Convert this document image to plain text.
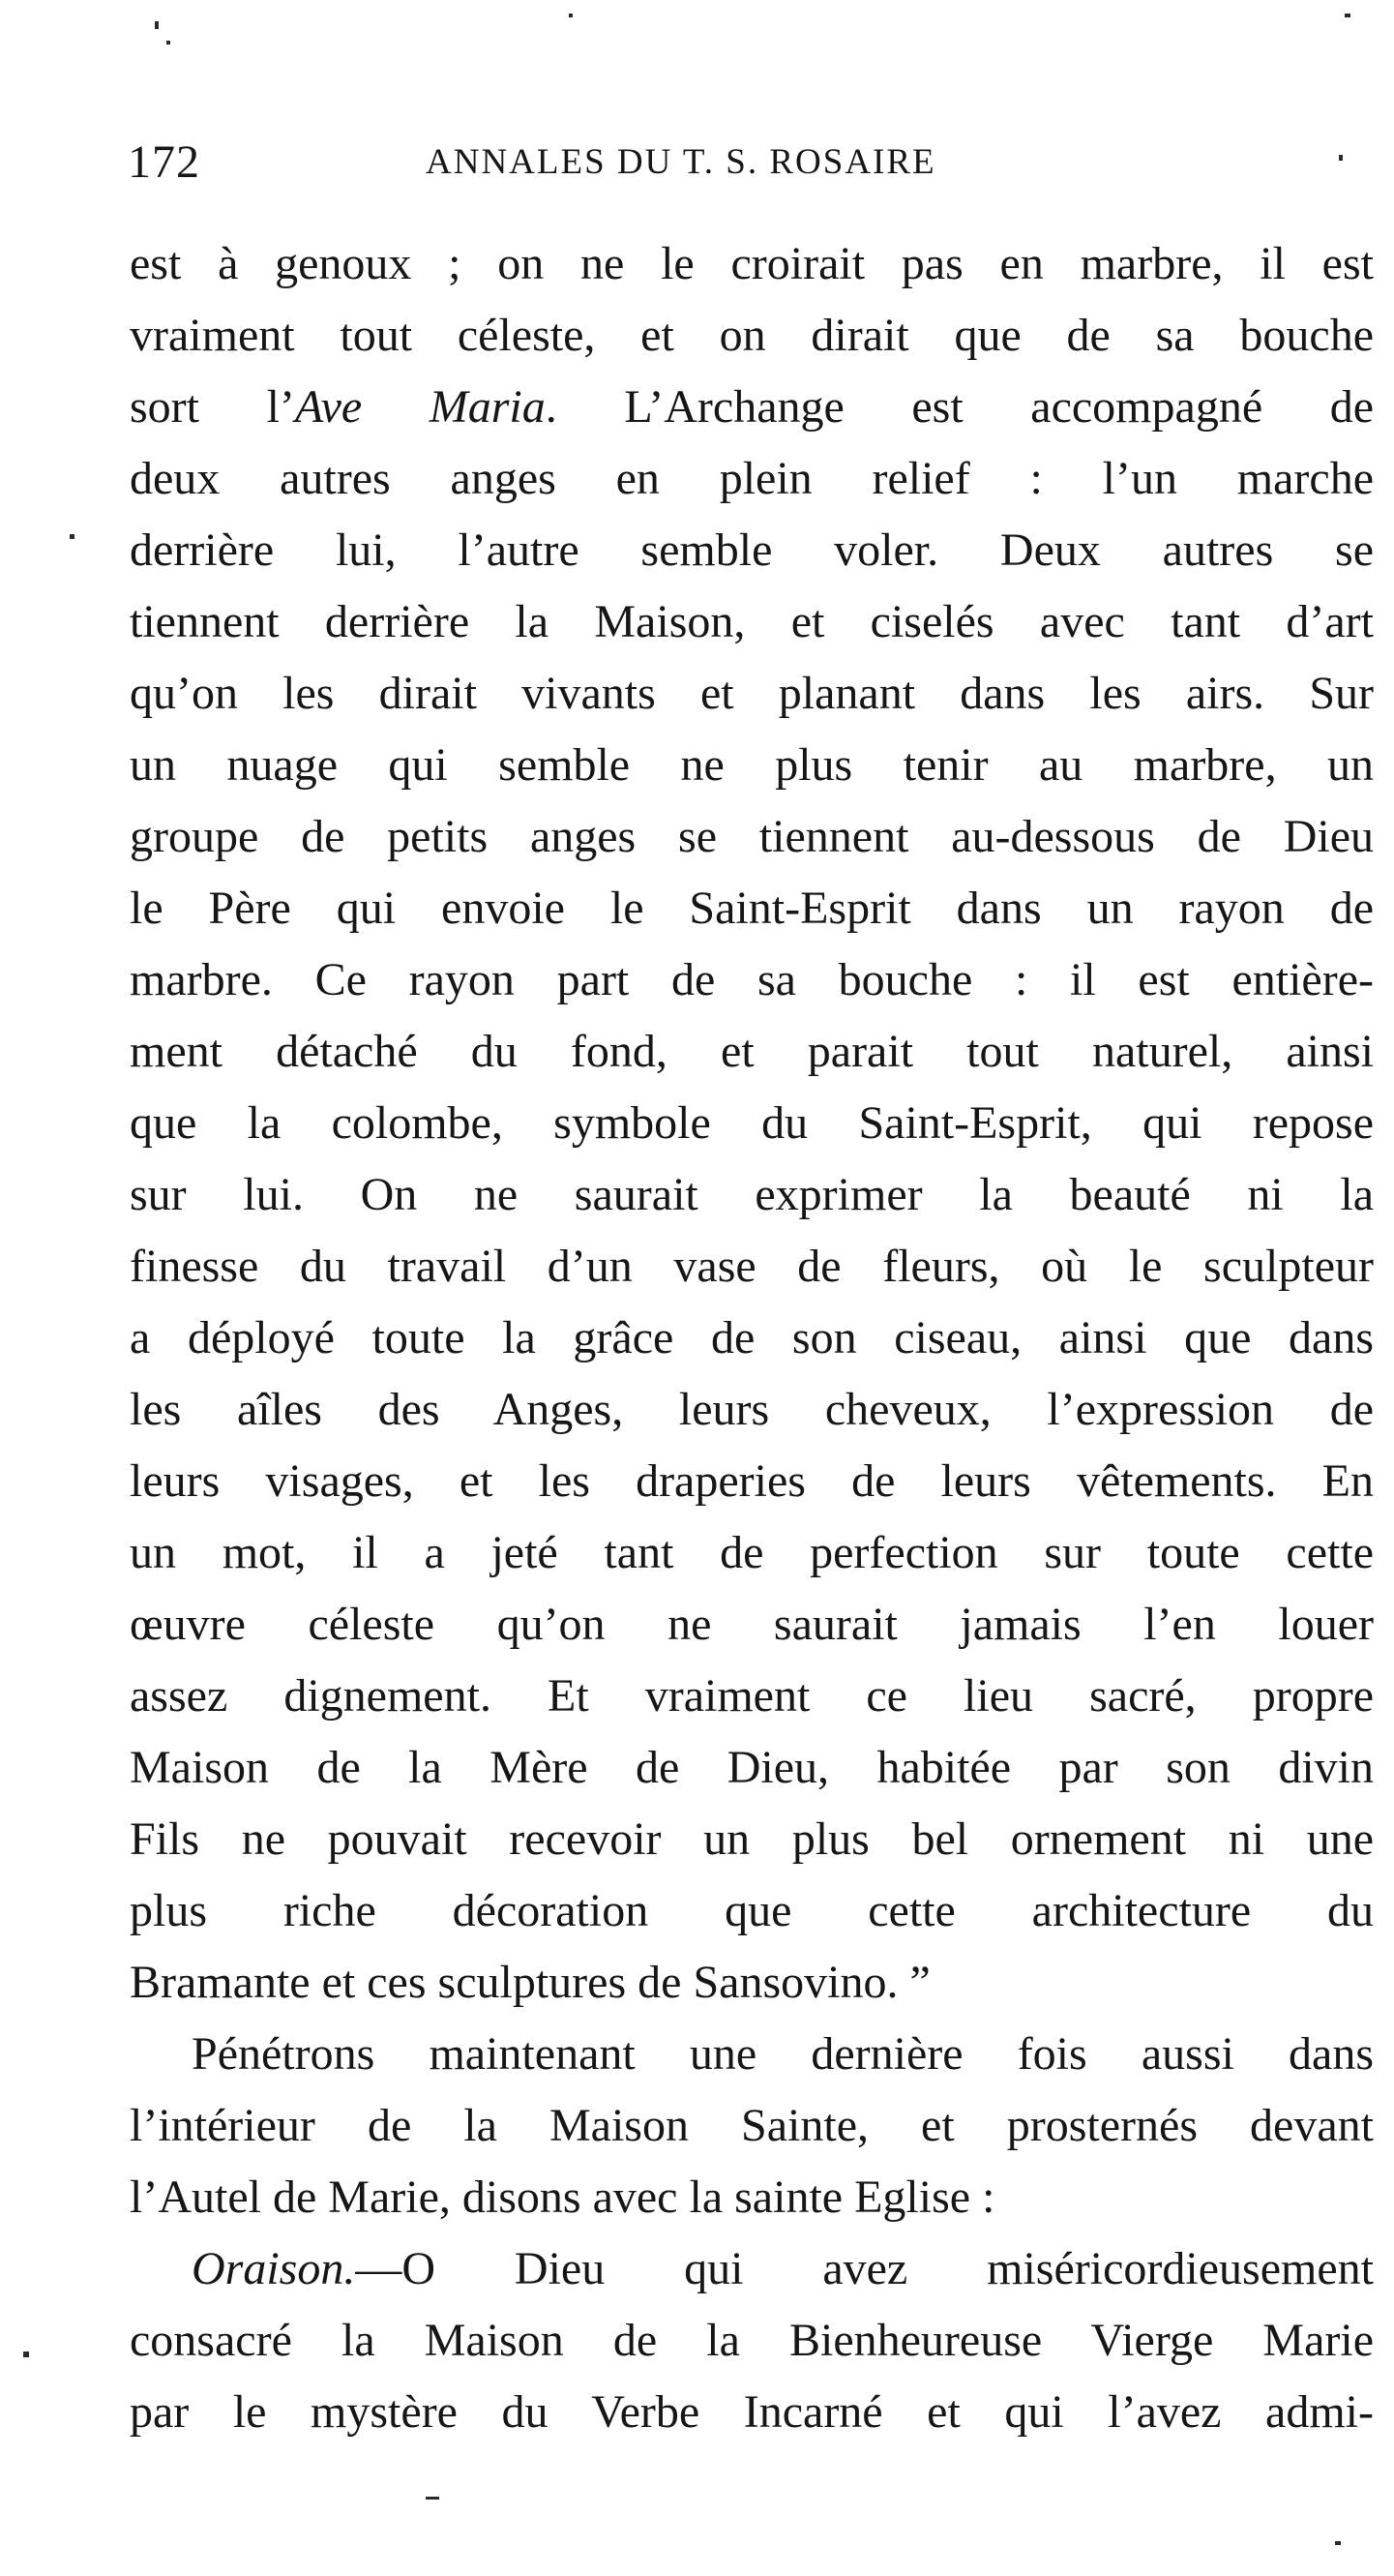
172	ANNALES DU T. S. ROSAIRE
est à genoux ; on ne le croirait pas en marbre, il est
vraiment tout céleste, et on dirait que de sa bouche
sort l’Ave Maria. L’Archange est accompagné de
deux autres anges en plein relief : l’un marche
derrière lui, l’autre semble voler. Deux autres se
tiennent derrière la Maison, et ciselés avec tant d’art
qu’on les dirait vivants et planant dans les airs. Sur
un nuage qui semble ne plus tenir au marbre, un
groupe de petits anges se tiennent au-dessous de Dieu
le Père qui envoie le Saint-Esprit dans un rayon de
marbre. Ce rayon part de sa bouche : il est entière-
ment détaché du fond, et parait tout naturel, ainsi
que la colombe, symbole du Saint-Esprit, qui repose
sur lui. On ne saurait exprimer la beauté ni la
finesse du travail d’un vase de fleurs, où le sculpteur
a déployé toute la grâce de son ciseau, ainsi que dans
les aîles des Anges, leurs cheveux, l’expression de
leurs visages, et les draperies de leurs vêtements. En
un mot, il a jeté tant de perfection sur toute cette
œuvre céleste qu’on ne saurait jamais l’en louer
assez dignement. Et vraiment ce lieu sacré, propre
Maison de la Mère de Dieu, habitée par son divin
Fils ne pouvait recevoir un plus bel ornement ni une
plus riche décoration que cette architecture du
Bramante et ces sculptures de Sansovino. ”
Pénétrons maintenant une dernière fois aussi dans
l’intérieur de la Maison Sainte, et prosternés devant
l’Autel de Marie, disons avec la sainte Eglise :
Oraison.—O Dieu qui avez miséricordieusement
consacré la Maison de la Bienheureuse Vierge Marie
par le mystère du Verbe Incarné et qui l’avez admi-
